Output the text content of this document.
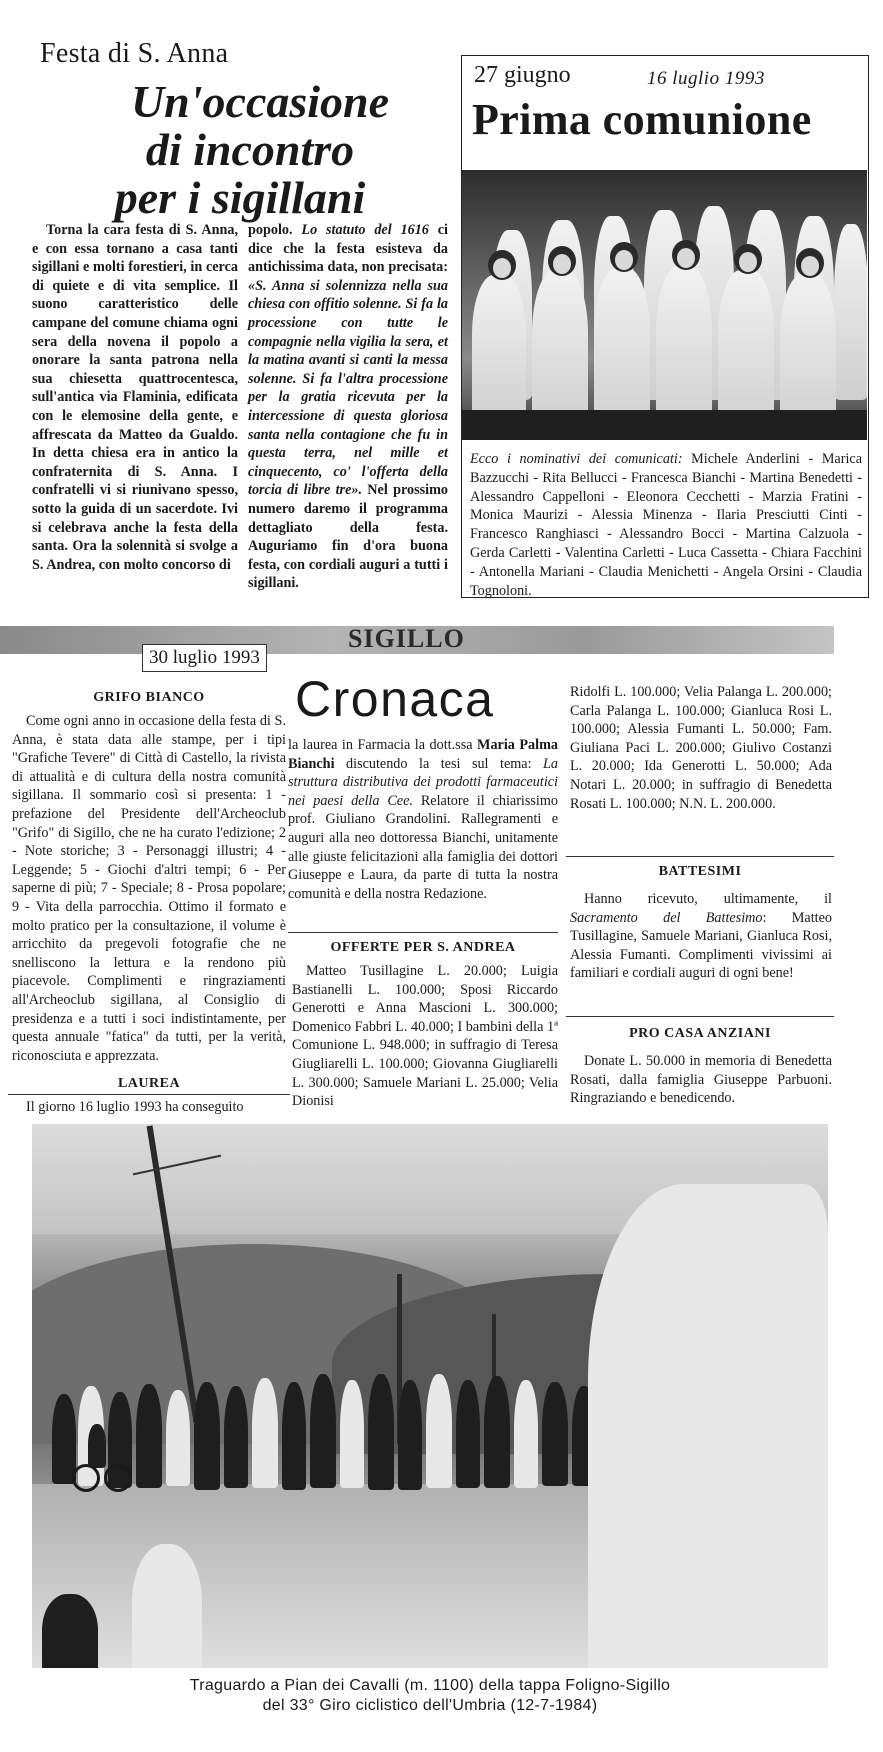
Festa di S. Anna
Un'occasione
di incontro
per i sigillani

Torna la cara festa di S. Anna, e con essa tornano a casa tanti sigillani e molti forestieri, in cerca di quiete e di vita semplice. Il suono caratteristico delle campane del comune chiama ogni sera della novena il popolo a onorare la santa patrona nella sua chiesetta quattrocentesca, sull'antica via Flaminia, edificata con le elemosine della gente, e affrescata da Matteo da Gualdo. In detta chiesa era in antico la confraternita di S. Anna. I confratelli vi si riunivano spesso, sotto la guida di un sacerdote. Ivi si celebrava anche la festa della santa. Ora la solennità si svolge a S. Andrea, con molto concorso di

popolo. Lo statuto del 1616 ci dice che la festa esisteva da antichissima data, non precisata: «S. Anna si solennizza nella sua chiesa con offitio solenne. Si fa la processione con tutte le compagnie nella vigilia la sera, et la matina avanti si canti la messa solenne. Si fa l'altra processione per la gratia ricevuta per la intercessione di questa gloriosa santa nella contagione che fu in questa terra, nel mille et cinquecento, co' l'offerta della torcia di libre tre». Nel prossimo numero daremo il programma dettagliato della festa. Auguriamo fin d'ora buona festa, con cordiali auguri a tutti i sigillani.
27 giugno	16 luglio 1993
Prima comunione
Ecco i nominativi dei comunicati: Michele Anderlini - Marica Bazzucchi - Rita Bellucci - Francesca Bianchi - Martina Benedetti - Alessandro Cappelloni - Eleonora Cecchetti - Marzia Fratini - Monica Maurizi - Alessia Minenza - Ilaria Presciutti Cinti - Francesco Ranghiasci - Alessandro Bocci - Martina Calzuola - Gerda Carletti - Valentina Carletti - Luca Cassetta - Chiara Facchini - Antonella Mariani - Claudia Menichetti - Angela Orsini - Claudia Tognoloni.
30 luglio 1993
SIGILLO
GRIFO BIANCO

Come ogni anno in occasione della festa di S. Anna, è stata data alle stampe, per i tipi "Grafiche Tevere" di Città di Castello, la rivista di attualità e di cultura della nostra comunità sigillana. Il sommario così si presenta: 1 - prefazione del Presidente dell'Archeoclub "Grifo" di Sigillo, che ne ha curato l'edizione; 2 - Note storiche; 3 - Personaggi illustri; 4 - Leggende; 5 - Giochi d'altri tempi; 6 - Per saperne di più; 7 - Speciale; 8 - Prosa popolare; 9 - Vita della parrocchia. Ottimo il formato e molto pratico per la consultazione, il volume è arricchito da pregevoli fotografie che ne snelliscono la lettura e la rendono più piacevole. Complimenti e ringraziamenti all'Archeoclub sigillana, al Consiglio di presidenza e a tutti i soci indistintamente, per questa annuale "fatica" da tutti, per la verità, riconosciuta e apprezzata.

LAUREA

Il giorno 16 luglio 1993 ha conseguito

Cronaca
la laurea in Farmacia la dott.ssa Maria Palma Bianchi discutendo la tesi sul tema: La struttura distributiva dei prodotti farmaceutici nei paesi della Cee. Relatore il chiarissimo prof. Giuliano Grandolini. Rallegramenti e auguri alla neo dottoressa Bianchi, unitamente alle giuste felicitazioni alla famiglia dei dottori Giuseppe e Laura, da parte di tutta la nostra comunità e della nostra Redazione.
OFFERTE PER S. ANDREA

Matteo Tusillagine L. 20.000; Luigia Bastianelli L. 100.000; Sposi Riccardo Generotti e Anna Mascioni L. 300.000; Domenico Fabbri L. 40.000; I bambini della 1ª Comunione L. 948.000; in suffragio di Teresa Giugliarelli L. 100.000; Giovanna Giugliarelli L. 300.000; Samuele Mariani L. 25.000; Velia Dionisi

Ridolfi L. 100.000; Velia Palanga L. 200.000; Carla Palanga L. 100.000; Gianluca Rosi L. 100.000; Alessia Fumanti L. 50.000; Fam. Giuliana Paci L. 200.000; Giulivo Costanzi L. 20.000; Ida Generotti L. 50.000; Ada Notari L. 20.000; in suffragio di Benedetta Rosati L. 100.000; N.N. L. 200.000.
BATTESIMI

Hanno ricevuto, ultimamente, il Sacramento del Battesimo: Matteo Tusillagine, Samuele Mariani, Gianluca Rosi, Alessia Fumanti. Complimenti vivissimi ai familiari e cordiali auguri di ogni bene!

PRO CASA ANZIANI

Donate L. 50.000 in memoria di Benedetta Rosati, dalla famiglia Giuseppe Parbuoni. Ringraziando e benedicendo.

Traguardo a Pian dei Cavalli (m. 1100) della tappa Foligno-Sigillo
del 33° Giro ciclistico dell'Umbria (12-7-1984)
